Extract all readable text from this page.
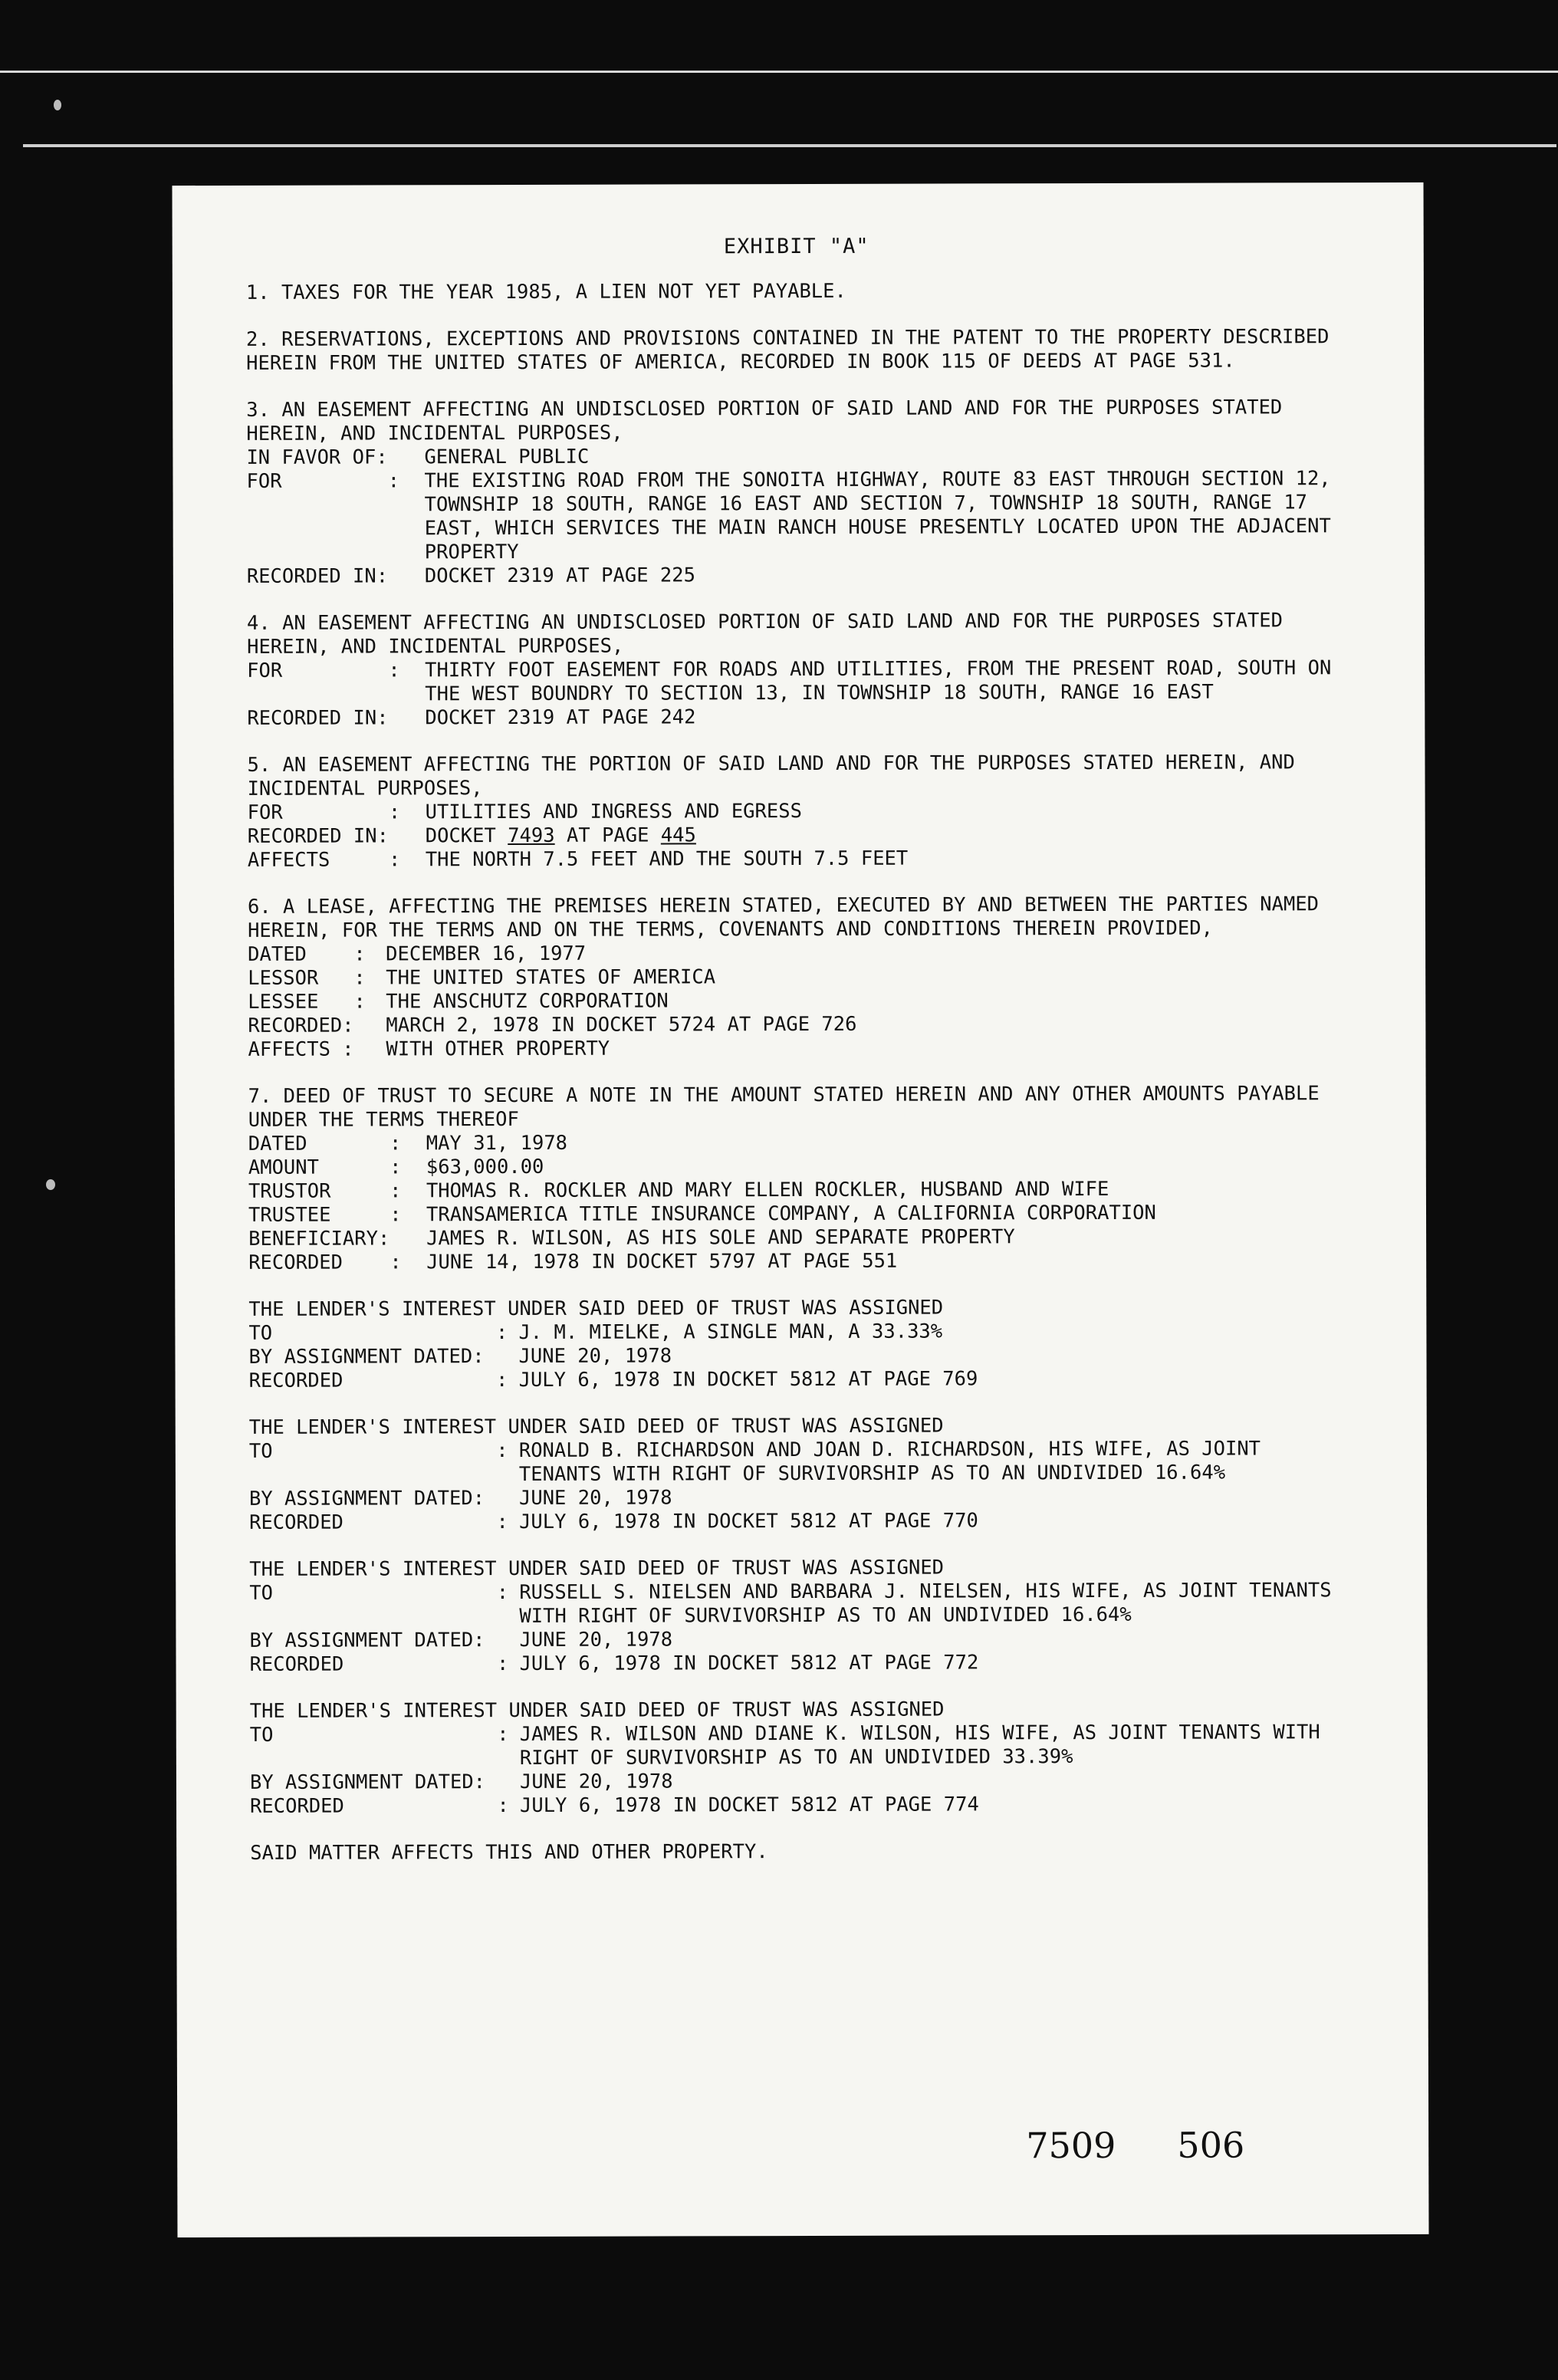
EXHIBIT "A"

1. TAXES FOR THE YEAR 1985, A LIEN NOT YET PAYABLE.

2. RESERVATIONS, EXCEPTIONS AND PROVISIONS CONTAINED IN THE PATENT TO THE PROPERTY DESCRIBED HEREIN FROM THE UNITED STATES OF AMERICA, RECORDED IN BOOK 115 OF DEEDS AT PAGE 531.

3. AN EASEMENT AFFECTING AN UNDISCLOSED PORTION OF SAID LAND AND FOR THE PURPOSES STATED HEREIN, AND INCIDENTAL PURPOSES,

IN FAVOR OF:	GENERAL PUBLIC
FOR         :	THE EXISTING ROAD FROM THE SONOITA HIGHWAY, ROUTE 83 EAST THROUGH SECTION 12, TOWNSHIP 18 SOUTH, RANGE 16 EAST AND SECTION 7, TOWNSHIP 18 SOUTH, RANGE 17 EAST, WHICH SERVICES THE MAIN RANCH HOUSE PRESENTLY LOCATED UPON THE ADJACENT PROPERTY
RECORDED IN:	DOCKET 2319 AT PAGE 225

4. AN EASEMENT AFFECTING AN UNDISCLOSED PORTION OF SAID LAND AND FOR THE PURPOSES STATED HEREIN, AND INCIDENTAL PURPOSES,

FOR         :	THIRTY FOOT EASEMENT FOR ROADS AND UTILITIES, FROM THE PRESENT ROAD, SOUTH ON THE WEST BOUNDRY TO SECTION 13, IN TOWNSHIP 18 SOUTH, RANGE 16 EAST
RECORDED IN:	DOCKET 2319 AT PAGE 242

5. AN EASEMENT AFFECTING THE PORTION OF SAID LAND AND FOR THE PURPOSES STATED HEREIN, AND INCIDENTAL PURPOSES,

FOR         :	UTILITIES AND INGRESS AND EGRESS
RECORDED IN:	DOCKET 7493 AT PAGE 445
AFFECTS     :	THE NORTH 7.5 FEET AND THE SOUTH 7.5 FEET

6. A LEASE, AFFECTING THE PREMISES HEREIN STATED, EXECUTED BY AND BETWEEN THE PARTIES NAMED HEREIN, FOR THE TERMS AND ON THE TERMS, COVENANTS AND CONDITIONS THEREIN PROVIDED,

DATED    :	DECEMBER 16, 1977
LESSOR   :	THE UNITED STATES OF AMERICA
LESSEE   :	THE ANSCHUTZ CORPORATION
RECORDED:	MARCH 2, 1978 IN DOCKET 5724 AT PAGE 726
AFFECTS :	WITH OTHER PROPERTY

7. DEED OF TRUST TO SECURE A NOTE IN THE AMOUNT STATED HEREIN AND ANY OTHER AMOUNTS PAYABLE UNDER THE TERMS THEREOF

DATED       :	MAY 31, 1978
AMOUNT      :	$63,000.00
TRUSTOR     :	THOMAS R. ROCKLER AND MARY ELLEN ROCKLER, HUSBAND AND WIFE
TRUSTEE     :	TRANSAMERICA TITLE INSURANCE COMPANY, A CALIFORNIA CORPORATION
BENEFICIARY:	JAMES R. WILSON, AS HIS SOLE AND SEPARATE PROPERTY
RECORDED    :	JUNE 14, 1978 IN DOCKET 5797 AT PAGE 551

THE LENDER'S INTEREST UNDER SAID DEED OF TRUST WAS ASSIGNED

TO                   : J. M. MIELKE, A SINGLE MAN, A 33.33%
BY ASSIGNMENT DATED:	JUNE 20, 1978
RECORDED             : JULY 6, 1978 IN DOCKET 5812 AT PAGE 769

THE LENDER'S INTEREST UNDER SAID DEED OF TRUST WAS ASSIGNED

TO                   : RONALD B. RICHARDSON AND JOAN D. RICHARDSON, HIS WIFE, AS JOINT TENANTS WITH RIGHT OF SURVIVORSHIP AS TO AN UNDIVIDED 16.64%
BY ASSIGNMENT DATED:	JUNE 20, 1978
RECORDED             : JULY 6, 1978 IN DOCKET 5812 AT PAGE 770

THE LENDER'S INTEREST UNDER SAID DEED OF TRUST WAS ASSIGNED

TO                   : RUSSELL S. NIELSEN AND BARBARA J. NIELSEN, HIS WIFE, AS JOINT TENANTS WITH RIGHT OF SURVIVORSHIP AS TO AN UNDIVIDED 16.64%
BY ASSIGNMENT DATED:	JUNE 20, 1978
RECORDED             : JULY 6, 1978 IN DOCKET 5812 AT PAGE 772

THE LENDER'S INTEREST UNDER SAID DEED OF TRUST WAS ASSIGNED

TO                   : JAMES R. WILSON AND DIANE K. WILSON, HIS WIFE, AS JOINT TENANTS WITH RIGHT OF SURVIVORSHIP AS TO AN UNDIVIDED 33.39%
BY ASSIGNMENT DATED:	JUNE 20, 1978
RECORDED             : JULY 6, 1978 IN DOCKET 5812 AT PAGE 774

SAID MATTER AFFECTS THIS AND OTHER PROPERTY.

7509 506
